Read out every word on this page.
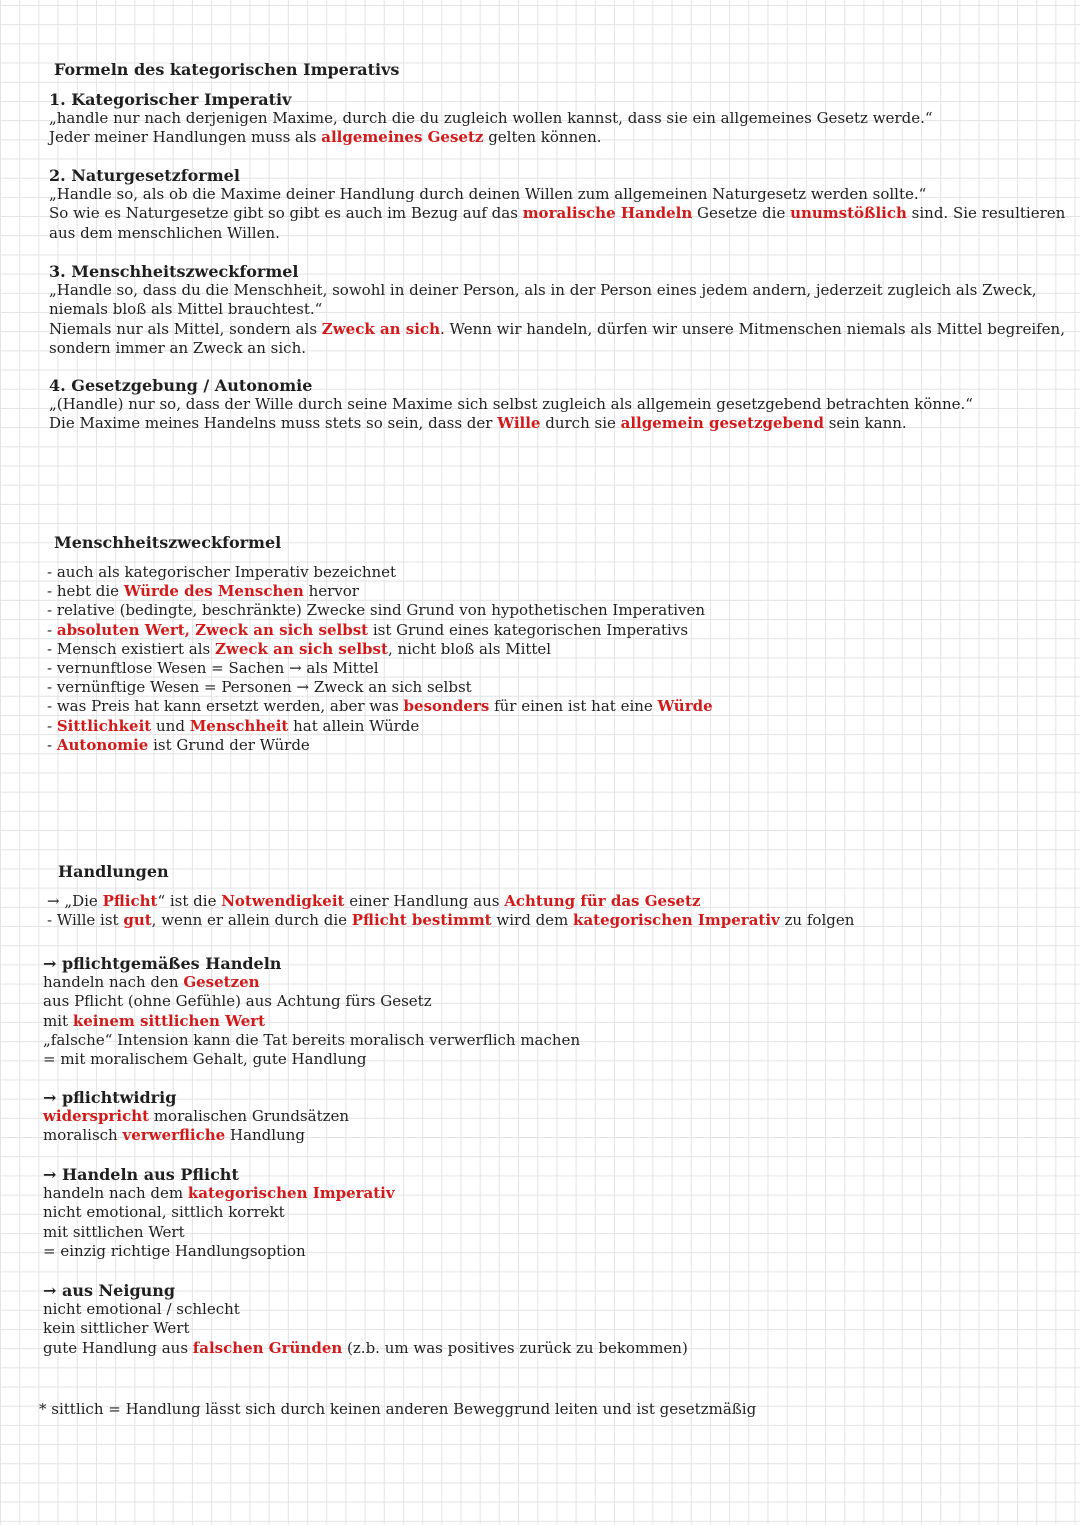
Formeln des kategorischen Imperativs
1. Kategorischer Imperativ
„handle nur nach derjenigen Maxime, durch die du zugleich wollen kannst, dass sie ein allgemeines Gesetz werde.“
Jeder meiner Handlungen muss als allgemeines Gesetz gelten können.
2. Naturgesetzformel
„Handle so, als ob die Maxime deiner Handlung durch deinen Willen zum allgemeinen Naturgesetz werden sollte.“
So wie es Naturgesetze gibt so gibt es auch im Bezug auf das moralische Handeln Gesetze die unumstößlich sind. Sie resultieren
aus dem menschlichen Willen.
3. Menschheitszweckformel
„Handle so, dass du die Menschheit, sowohl in deiner Person, als in der Person eines jedem andern, jederzeit zugleich als Zweck,
niemals bloß als Mittel brauchtest.“
Niemals nur als Mittel, sondern als Zweck an sich. Wenn wir handeln, dürfen wir unsere Mitmenschen niemals als Mittel begreifen,
sondern immer an Zweck an sich.
4. Gesetzgebung / Autonomie
„(Handle) nur so, dass der Wille durch seine Maxime sich selbst zugleich als allgemein gesetzgebend betrachten könne.“
Die Maxime meines Handelns muss stets so sein, dass der Wille durch sie allgemein gesetzgebend sein kann.
Menschheitszweckformel
- auch als kategorischer Imperativ bezeichnet
- hebt die Würde des Menschen hervor
- relative (bedingte, beschränkte) Zwecke sind Grund von hypothetischen Imperativen
- absoluten Wert, Zweck an sich selbst ist Grund eines kategorischen Imperativs
- Mensch existiert als Zweck an sich selbst, nicht bloß als Mittel
- vernunftlose Wesen = Sachen → als Mittel
- vernünftige Wesen = Personen → Zweck an sich selbst
- was Preis hat kann ersetzt werden, aber was besonders für einen ist hat eine Würde
- Sittlichkeit und Menschheit hat allein Würde
- Autonomie ist Grund der Würde
Handlungen
→ „Die Pflicht“ ist die Notwendigkeit einer Handlung aus Achtung für das Gesetz
- Wille ist gut, wenn er allein durch die Pflicht bestimmt wird dem kategorischen Imperativ zu folgen
→ pflichtgemäßes Handeln
handeln nach den Gesetzen
aus Pflicht (ohne Gefühle) aus Achtung fürs Gesetz
mit keinem sittlichen Wert
„falsche“ Intension kann die Tat bereits moralisch verwerflich machen
= mit moralischem Gehalt, gute Handlung
→ pflichtwidrig
widerspricht moralischen Grundsätzen
moralisch verwerfliche Handlung
→ Handeln aus Pflicht
handeln nach dem kategorischen Imperativ
nicht emotional, sittlich korrekt
mit sittlichen Wert
= einzig richtige Handlungsoption
→ aus Neigung
nicht emotional / schlecht
kein sittlicher Wert
gute Handlung aus falschen Gründen (z.b. um was positives zurück zu bekommen)
* sittlich = Handlung lässt sich durch keinen anderen Beweggrund leiten und ist gesetzmäßig
